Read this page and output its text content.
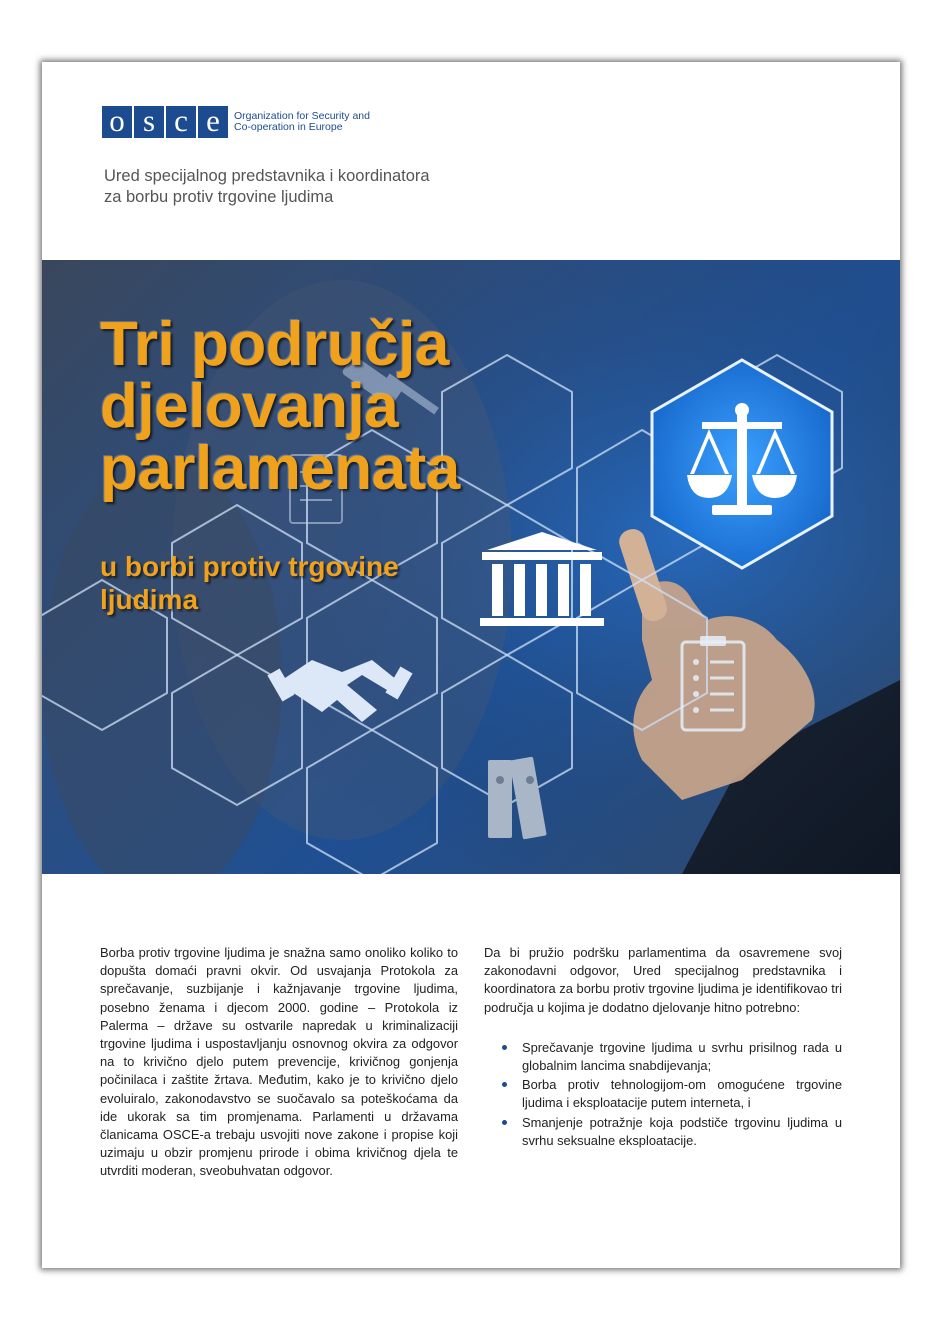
o s c e	Organization for Security and
Co-operation in Europe
Ured specijalnog predstavnika i koordinatora
za borbu protiv trgovine ljudima
Tri područja
djelovanja
parlamenata
u borbi protiv trgovine
ljudima

Borba protiv trgovine ljudima je snažna samo onoliko koliko to dopušta domaći pravni okvir. Od usvajanja Protokola za sprečavanje, suzbijanje i kažnjavanje trgovine ljudima, posebno ženama i djecom 2000. godine – Protokola iz Palerma – države su ostvarile napredak u kriminalizaciji trgovine ljudima i uspostavljanju osnovnog okvira za odgovor na to krivično djelo putem prevencije, krivičnog gonjenja počinilaca i zaštite žrtava. Međutim, kako je to krivično djelo evoluiralo, zakonodavstvo se suočavalo sa poteškoćama da ide ukorak sa tim promjenama. Parlamenti u državama članicama OSCE-a trebaju usvojiti nove zakone i propise koji uzimaju u obzir promjenu prirode i obima krivičnog djela te utvrditi moderan, sveobuhvatan odgovor.

Da bi pružio podršku parlamentima da osavremene svoj zakonodavni odgovor, Ured specijalnog predstavnika i koordinatora za borbu protiv trgovine ljudima je identifikovao tri područja u kojima je dodatno djelovanje hitno potrebno:

Sprečavanje trgovine ljudima u svrhu prisilnog rada u globalnim lancima snabdijevanja;
Borba protiv tehnologijom-om omogućene trgovine ljudima i eksploatacije putem interneta, i
Smanjenje potražnje koja podstiče trgovinu ljudima u svrhu seksualne eksploatacije.
